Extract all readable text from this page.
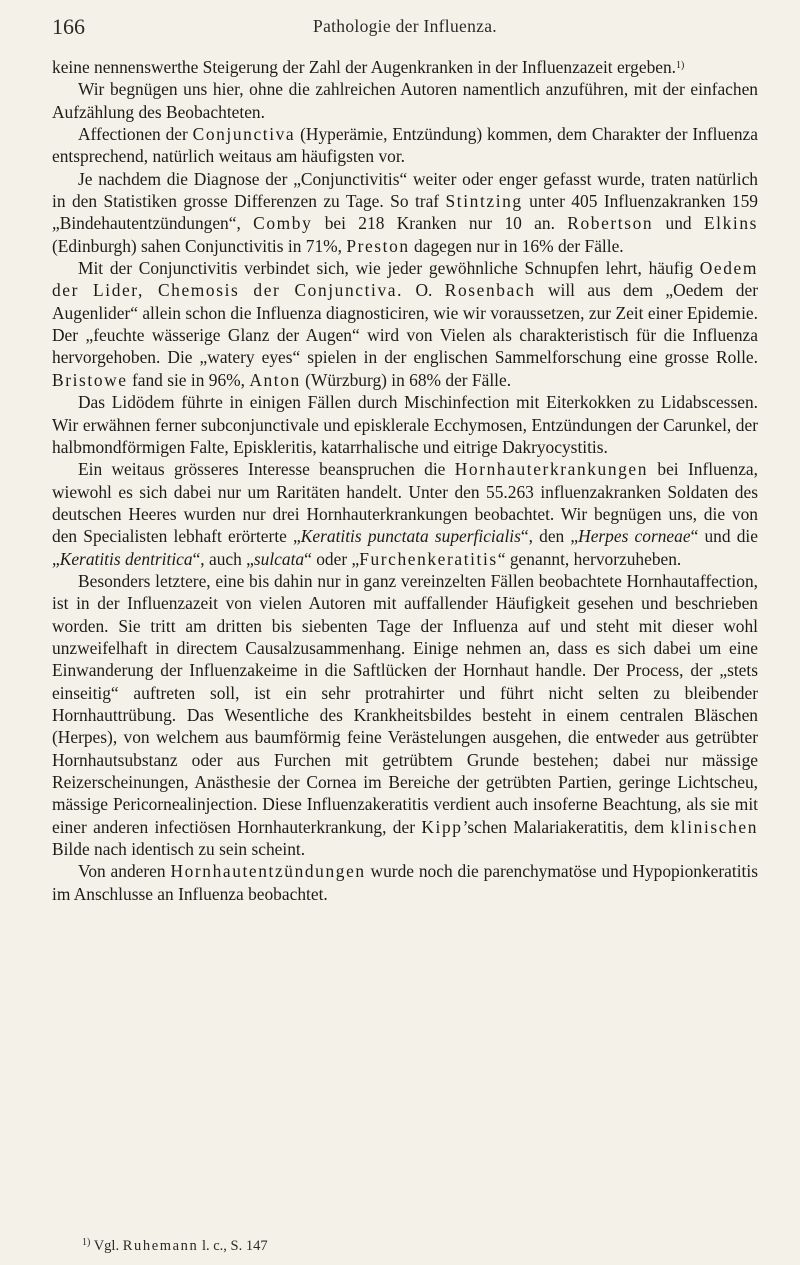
166	Pathologie der Influenza.

keine nennenswerthe Steigerung der Zahl der Augenkranken in der Influenzazeit ergeben.$^{1)}$

Wir begnügen uns hier, ohne die zahlreichen Autoren namentlich anzuführen, mit der einfachen Aufzählung des Beobachteten.

Affectionen der Conjunctiva (Hyperämie, Entzündung) kommen, dem Charakter der Influenza entsprechend, natürlich weitaus am häufigsten vor.

Je nachdem die Diagnose der „Conjunctivitis“ weiter oder enger gefasst wurde, traten natürlich in den Statistiken grosse Differenzen zu Tage. So traf Stintzing unter 405 Influenzakranken 159 „Bindehautentzündungen“, Comby bei 218 Kranken nur 10 an. Robertson und Elkins (Edinburgh) sahen Conjunctivitis in 71%, Preston dagegen nur in 16% der Fälle.

Mit der Conjunctivitis verbindet sich, wie jeder gewöhnliche Schnupfen lehrt, häufig Oedem der Lider, Chemosis der Conjunctiva. O. Rosenbach will aus dem „Oedem der Augenlider“ allein schon die Influenza diagnosticiren, wie wir voraussetzen, zur Zeit einer Epidemie. Der „feuchte wässerige Glanz der Augen“ wird von Vielen als charakteristisch für die Influenza hervorgehoben. Die „watery eyes“ spielen in der englischen Sammelforschung eine grosse Rolle. Bristowe fand sie in 96%, Anton (Würzburg) in 68% der Fälle.

Das Lidödem führte in einigen Fällen durch Mischinfection mit Eiterkokken zu Lidabscessen. Wir erwähnen ferner subconjunctivale und episklerale Ecchymosen, Entzündungen der Carunkel, der halbmondförmigen Falte, Episkleritis, katarrhalische und eitrige Dakryocystitis.

Ein weitaus grösseres Interesse beanspruchen die Hornhauterkrankungen bei Influenza, wiewohl es sich dabei nur um Raritäten handelt. Unter den 55.263 influenzakranken Soldaten des deutschen Heeres wurden nur drei Hornhauterkrankungen beobachtet. Wir begnügen uns, die von den Specialisten lebhaft erörterte „Keratitis punctata superficialis“, den „Herpes corneae“ und die „Keratitis dentritica“, auch „sulcata“ oder „Furchenkeratitis“ genannt, hervorzuheben.

Besonders letztere, eine bis dahin nur in ganz vereinzelten Fällen beobachtete Hornhautaffection, ist in der Influenzazeit von vielen Autoren mit auffallender Häufigkeit gesehen und beschrieben worden. Sie tritt am dritten bis siebenten Tage der Influenza auf und steht mit dieser wohl unzweifelhaft in directem Causalzusammenhang. Einige nehmen an, dass es sich dabei um eine Einwanderung der Influenzakeime in die Saftlücken der Hornhaut handle. Der Process, der „stets einseitig“ auftreten soll, ist ein sehr protrahirter und führt nicht selten zu bleibender Hornhauttrübung. Das Wesentliche des Krankheitsbildes besteht in einem centralen Bläschen (Herpes), von welchem aus baumförmig feine Verästelungen ausgehen, die entweder aus getrübter Hornhautsubstanz oder aus Furchen mit getrübtem Grunde bestehen; dabei nur mässige Reizerscheinungen, Anästhesie der Cornea im Bereiche der getrübten Partien, geringe Lichtscheu, mässige Pericornealinjection. Diese Influenzakeratitis verdient auch insoferne Beachtung, als sie mit einer anderen infectiösen Hornhauterkrankung, der Kipp’schen Malariakeratitis, dem klinischen Bilde nach identisch zu sein scheint.

Von anderen Hornhautentzündungen wurde noch die parenchymatöse und Hypopionkeratitis im Anschlusse an Influenza beobachtet.

$^{1)}$ Vgl. Ruhemann l. c., S. 147
